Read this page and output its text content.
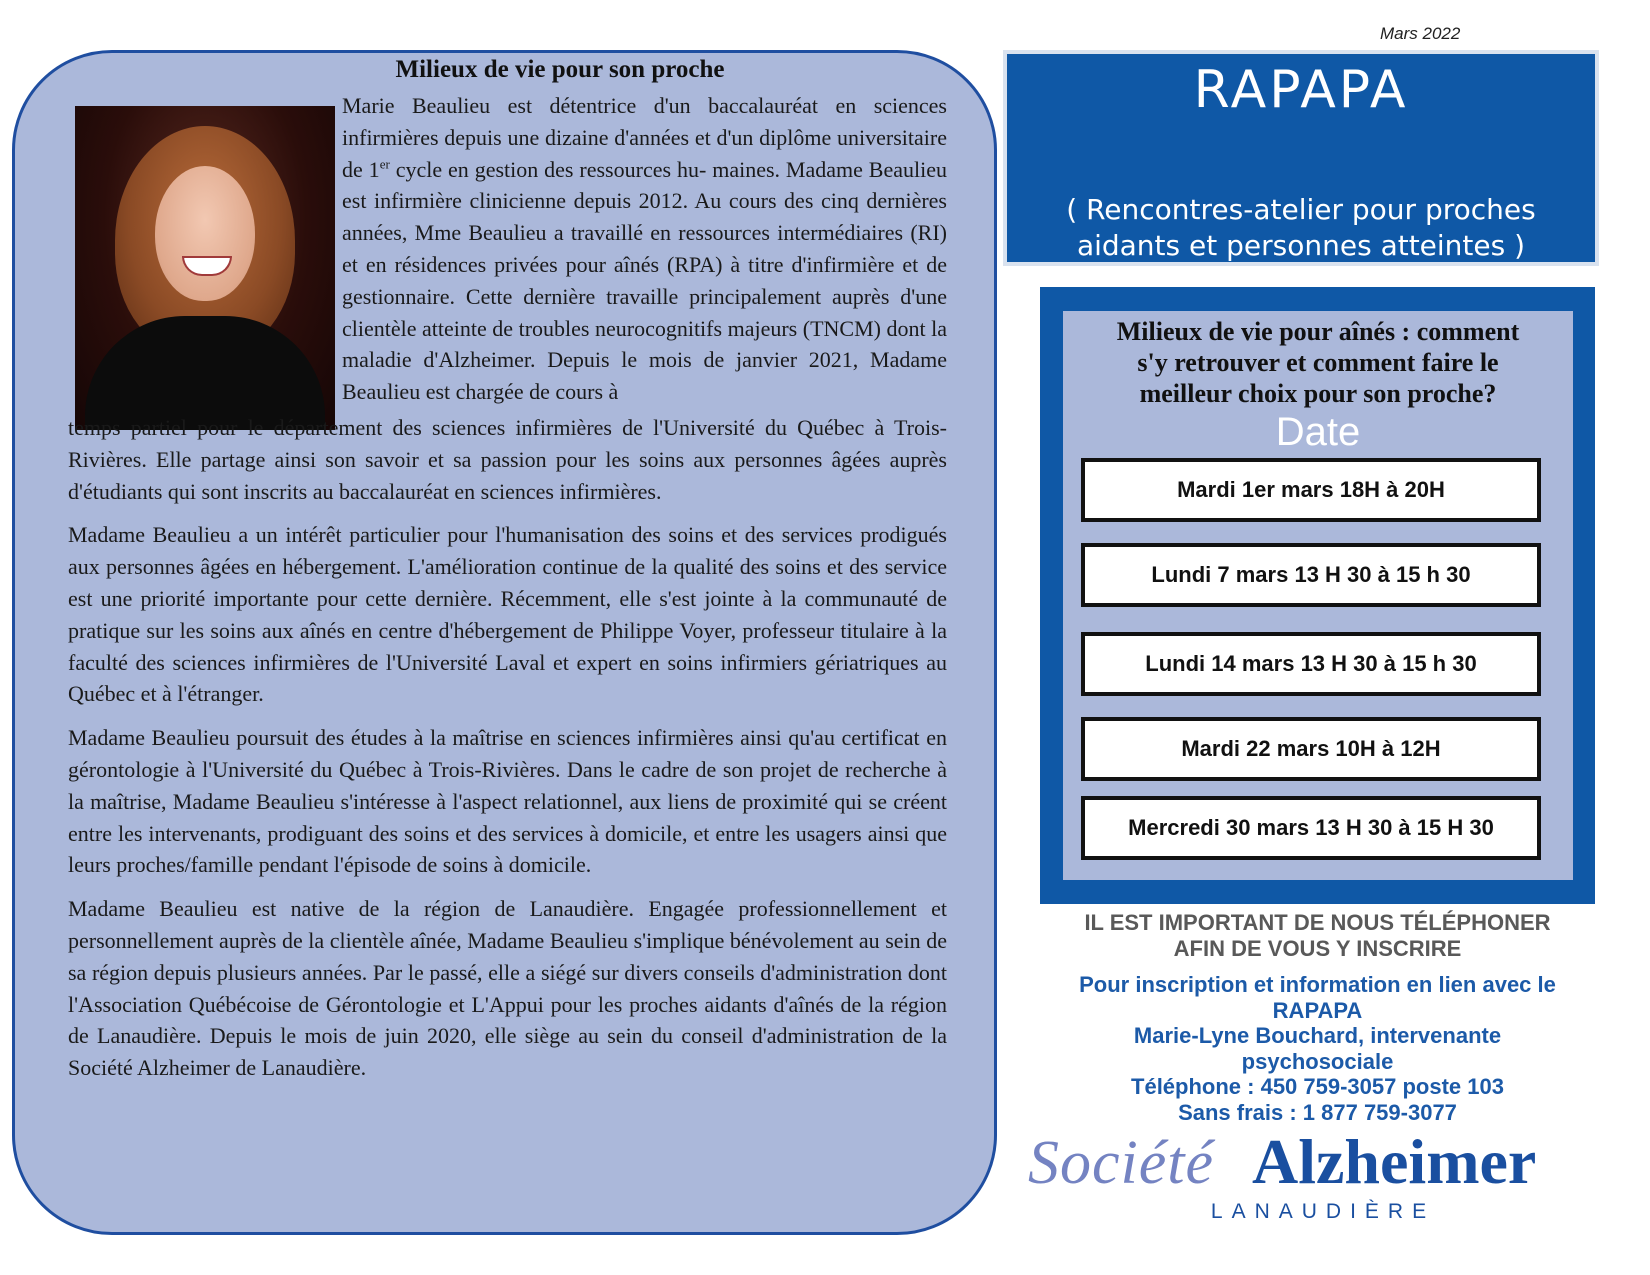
Mars 2022
Milieux de vie pour son proche
Marie Beaulieu est détentrice d'un baccalauréat en sciences infirmières depuis une dizaine d'années et d'un diplôme universitaire de 1er cycle en gestion des ressources hu- maines. Madame Beaulieu est infirmière clinicienne depuis 2012. Au cours des cinq dernières années, Mme Beaulieu a travaillé en ressources intermédiaires (RI) et en résidences privées pour aînés (RPA) à titre d'infirmière et de gestionnaire. Cette dernière travaille principalement auprès d'une clientèle atteinte de troubles neurocognitifs majeurs (TNCM) dont la maladie d'Alzheimer. Depuis le mois de janvier 2021, Madame Beaulieu est chargée de cours à

temps partiel pour le département des sciences infirmières de l'Université du Québec à Trois-Rivières. Elle partage ainsi son savoir et sa passion pour les soins aux personnes âgées auprès d'étudiants qui sont inscrits au baccalauréat en sciences infirmières.

Madame Beaulieu a un intérêt particulier pour l'humanisation des soins et des services prodigués aux personnes âgées en hébergement. L'amélioration continue de la qualité des soins et des service est une priorité importante pour cette dernière. Récemment, elle s'est jointe à la communauté de pratique sur les soins aux aînés en centre d'hébergement de Philippe Voyer, professeur titulaire à la faculté des sciences infirmières de l'Université Laval et expert en soins infirmiers gériatriques au Québec et à l'étranger.

Madame Beaulieu poursuit des études à la maîtrise en sciences infirmières ainsi qu'au certificat en gérontologie à l'Université du Québec à Trois-Rivières. Dans le cadre de son projet de recherche à la maîtrise, Madame Beaulieu s'intéresse à l'aspect relationnel, aux liens de proximité qui se créent entre les intervenants, prodiguant des soins et des services à domicile, et entre les usagers ainsi que leurs proches/famille pendant l'épisode de soins à domicile.

Madame Beaulieu est native de la région de Lanaudière. Engagée professionnellement et personnellement auprès de la clientèle aînée, Madame Beaulieu s'implique bénévolement au sein de sa région depuis plusieurs années. Par le passé, elle a siégé sur divers conseils d'administration dont l'Association Québécoise de Gérontologie et L'Appui pour les proches aidants d'aînés de la région de Lanaudière. Depuis le mois de juin 2020, elle siège au sein du conseil d'administration de la Société Alzheimer de Lanaudière.

RAPAPA
( Rencontres-atelier pour proches
aidants et personnes atteintes )
Milieux de vie pour aînés : comment
s'y retrouver et comment faire le
meilleur choix pour son proche?
Date
Mardi 1er mars 18H à 20H
Lundi 7 mars 13 H 30 à 15 h 30
Lundi 14 mars 13 H 30 à 15 h 30
Mardi 22 mars 10H à 12H
Mercredi 30 mars 13 H 30 à 15 H 30
IL EST IMPORTANT DE NOUS TÉLÉPHONER
AFIN DE VOUS Y INSCRIRE
Pour inscription et information en lien avec le
RAPAPA
Marie-Lyne Bouchard, intervenante
psychosociale
Téléphone : 450 759-3057 poste 103
Sans frais : 1 877 759-3077
Société Alzheimer
LANAUDIÈRE
